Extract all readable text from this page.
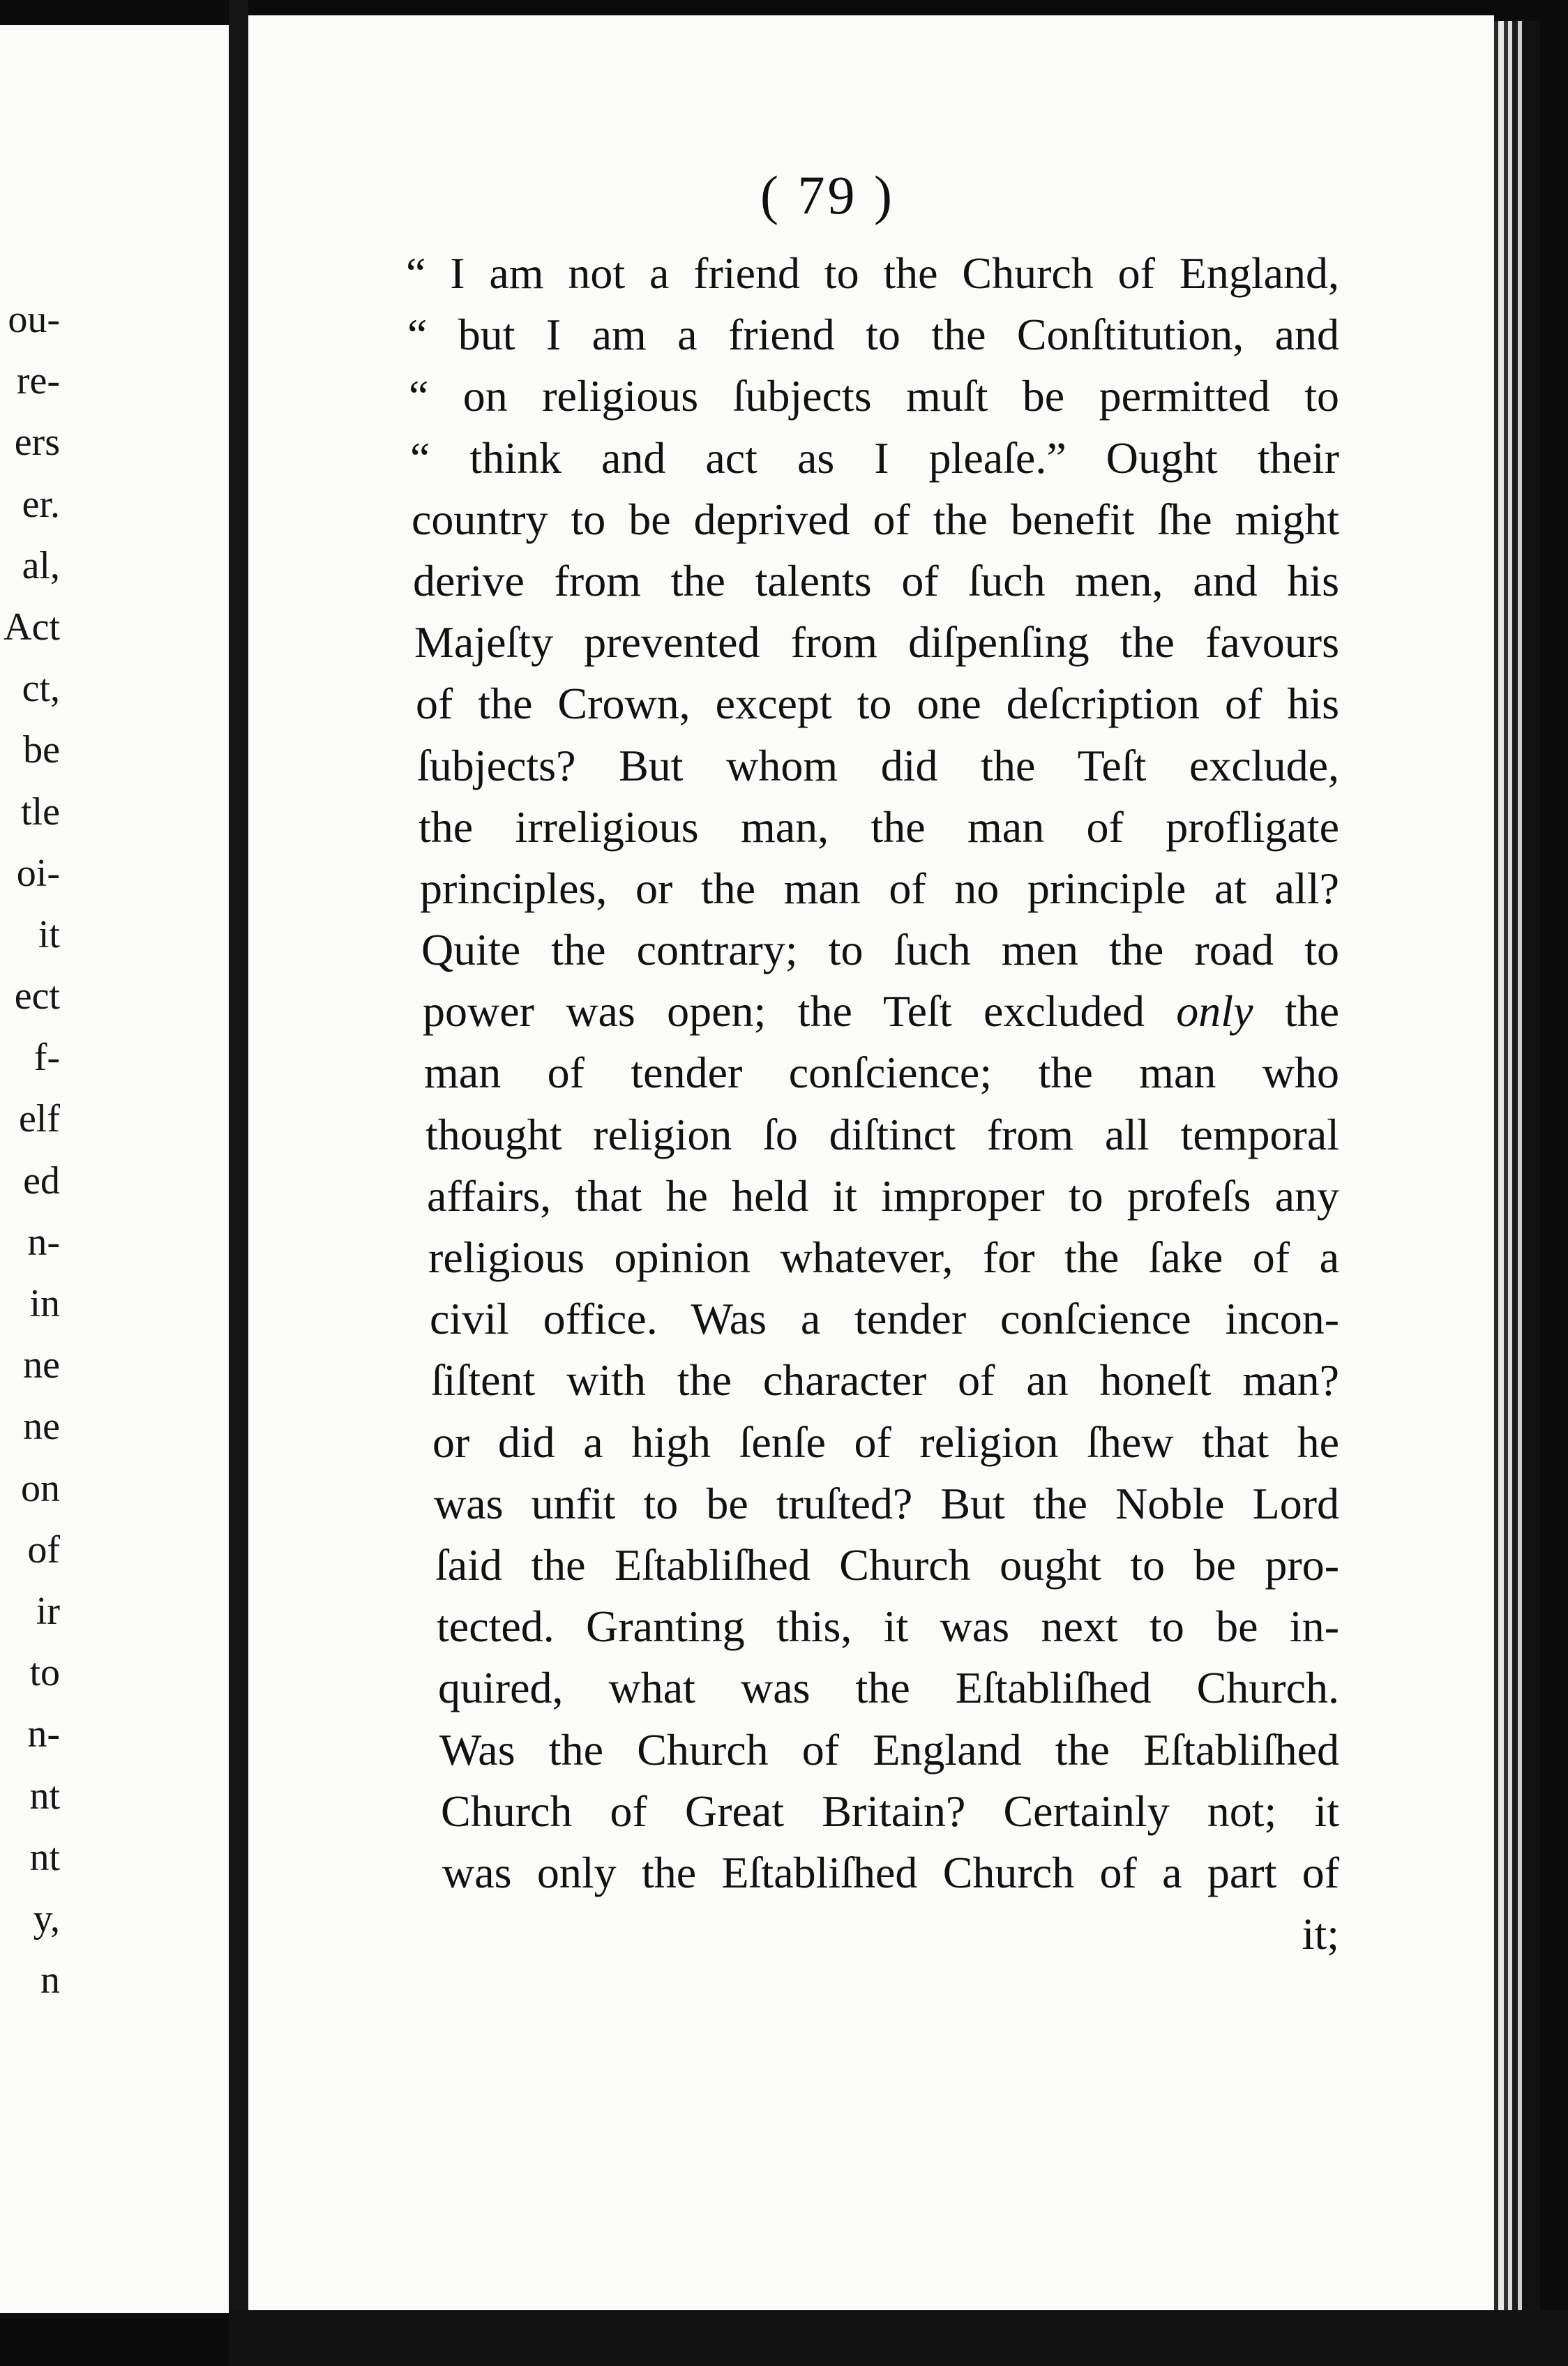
ou-
re-
ers
er.
al,
Act
ct,
be
tle
oi-
it
ect
f-
elf
ed
n-
in
ne
ne
on
of
ir
to
n-
nt
nt
y,
n
( 79 )
“ I am not a friend to the Church of England,
“ but I am a friend to the Conſtitution, and
“ on religious ſubjects muſt be permitted to
“ think and act as I pleaſe.” Ought their
country to be deprived of the benefit ſhe might
derive from the talents of ſuch men, and his
Majeſty prevented from diſpenſing the favours
of the Crown, except to one deſcription of his
ſubjects? But whom did the Teſt exclude,
the irreligious man, the man of profligate
principles, or the man of no principle at all?
Quite the contrary; to ſuch men the road to
power was open; the Teſt excluded only the
man of tender conſcience; the man who
thought religion ſo diſtinct from all temporal
affairs, that he held it improper to profeſs any
religious opinion whatever, for the ſake of a
civil office. Was a tender conſcience incon-
ſiſtent with the character of an honeſt man?
or did a high ſenſe of religion ſhew that he
was unfit to be truſted? But the Noble Lord
ſaid the Eſtabliſhed Church ought to be pro-
tected. Granting this, it was next to be in-
quired, what was the Eſtabliſhed Church.
Was the Church of England the Eſtabliſhed
Church of Great Britain? Certainly not; it
was only the Eſtabliſhed Church of a part of
it;
